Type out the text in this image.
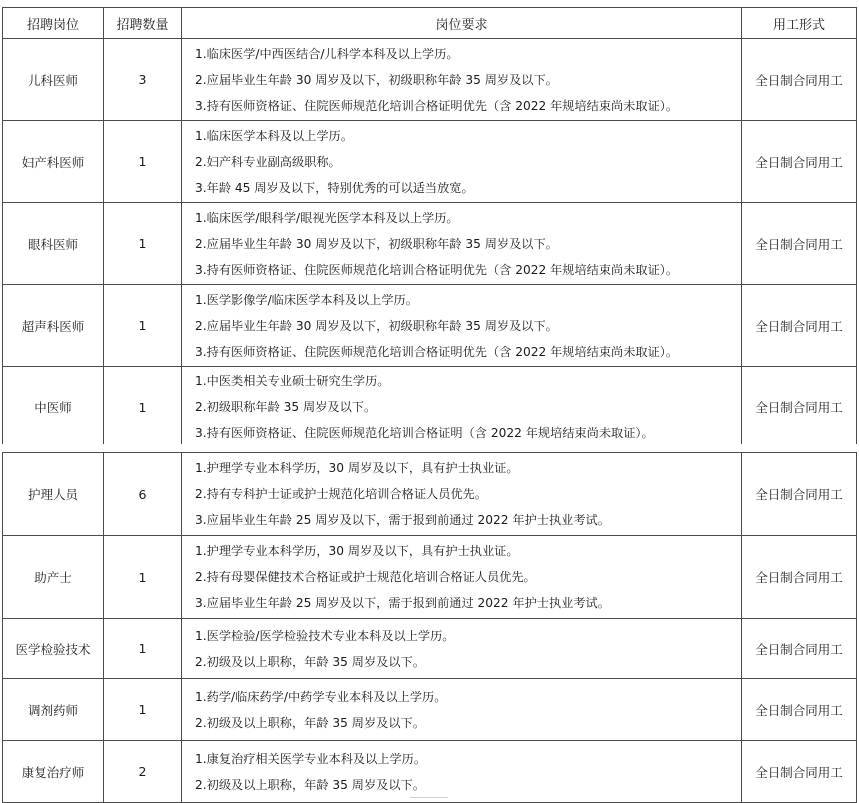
招聘岗位	招聘数量	岗位要求	用工形式
儿科医师	3	1.临床医学/中西医结合/儿科学本科及以上学历。
2.应届毕业生年龄 30 周岁及以下，初级职称年龄 35 周岁及以下。
3.持有医师资格证、住院医师规范化培训合格证明优先（含 2022 年规培结束尚未取证）。	全日制合同用工
妇产科医师	1	1.临床医学本科及以上学历。
2.妇产科专业副高级职称。
3.年龄 45 周岁及以下，特别优秀的可以适当放宽。	全日制合同用工
眼科医师	1	1.临床医学/眼科学/眼视光医学本科及以上学历。
2.应届毕业生年龄 30 周岁及以下，初级职称年龄 35 周岁及以下。
3.持有医师资格证、住院医师规范化培训合格证明优先（含 2022 年规培结束尚未取证）。	全日制合同用工
超声科医师	1	1.医学影像学/临床医学本科及以上学历。
2.应届毕业生年龄 30 周岁及以下，初级职称年龄 35 周岁及以下。
3.持有医师资格证、住院医师规范化培训合格证明优先（含 2022 年规培结束尚未取证）。	全日制合同用工
中医师	1	1.中医类相关专业硕士研究生学历。
2.初级职称年龄 35 周岁及以下。
3.持有医师资格证、住院医师规范化培训合格证明（含 2022 年规培结束尚未取证）。	全日制合同用工
护理人员	6	1.护理学专业本科学历，30 周岁及以下，具有护士执业证。
2.持有专科护士证或护士规范化培训合格证人员优先。
3.应届毕业生年龄 25 周岁及以下，需于报到前通过 2022 年护士执业考试。	全日制合同用工
助产士	1	1.护理学专业本科学历，30 周岁及以下，具有护士执业证。
2.持有母婴保健技术合格证或护士规范化培训合格证人员优先。
3.应届毕业生年龄 25 周岁及以下，需于报到前通过 2022 年护士执业考试。	全日制合同用工
医学检验技术	1	1.医学检验/医学检验技术专业本科及以上学历。
2.初级及以上职称，年龄 35 周岁及以下。	全日制合同用工
调剂药师	1	1.药学/临床药学/中药学专业本科及以上学历。
2.初级及以上职称，年龄 35 周岁及以下。	全日制合同用工
康复治疗师	2	1.康复治疗相关医学专业本科及以上学历。
2.初级及以上职称，年龄 35 周岁及以下。	全日制合同用工
